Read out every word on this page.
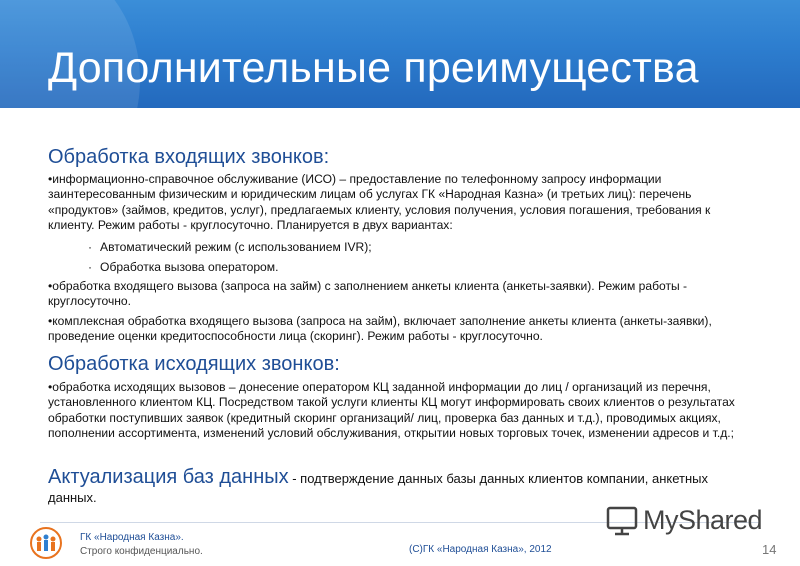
Дополнительные преимущества
Обработка входящих звонков:
•информационно-справочное обслуживание (ИСО) – предоставление по телефонному запросу информации заинтересованным физическим и юридическим лицам об услугах ГК «Народная Казна» (и третьих лиц): перечень «продуктов» (займов, кредитов, услуг), предлагаемых клиенту, условия получения, условия погашения, требования к клиенту. Режим работы - круглосуточно. Планируется в двух вариантах:
· Автоматический режим (с использованием IVR);
· Обработка вызова оператором.
•обработка входящего вызова (запроса на займ) с заполнением анкеты клиента (анкеты-заявки). Режим работы - круглосуточно.
•комплексная обработка входящего вызова (запроса на займ), включает заполнение анкеты клиента (анкеты-заявки), проведение оценки кредитоспособности лица (скоринг). Режим работы - круглосуточно.
Обработка исходящих звонков:
•обработка исходящих вызовов – донесение оператором КЦ заданной информации до лиц / организаций из перечня, установленного клиентом КЦ. Посредством такой услуги клиенты КЦ могут информировать своих клиентов о результатах обработки поступивших заявок (кредитный скоринг организаций/ лиц, проверка баз данных и т.д.), проводимых акциях, пополнении ассортимента, изменений условий обслуживания, открытии новых торговых точек, изменении адресов и т.д.;
Актуализация баз данных - подтверждение данных базы данных клиентов компании, анкетных данных.
ГК «Народная Казна».
Строго конфиденциально.	(С)ГК «Народная Казна», 2012	14
MyShared
